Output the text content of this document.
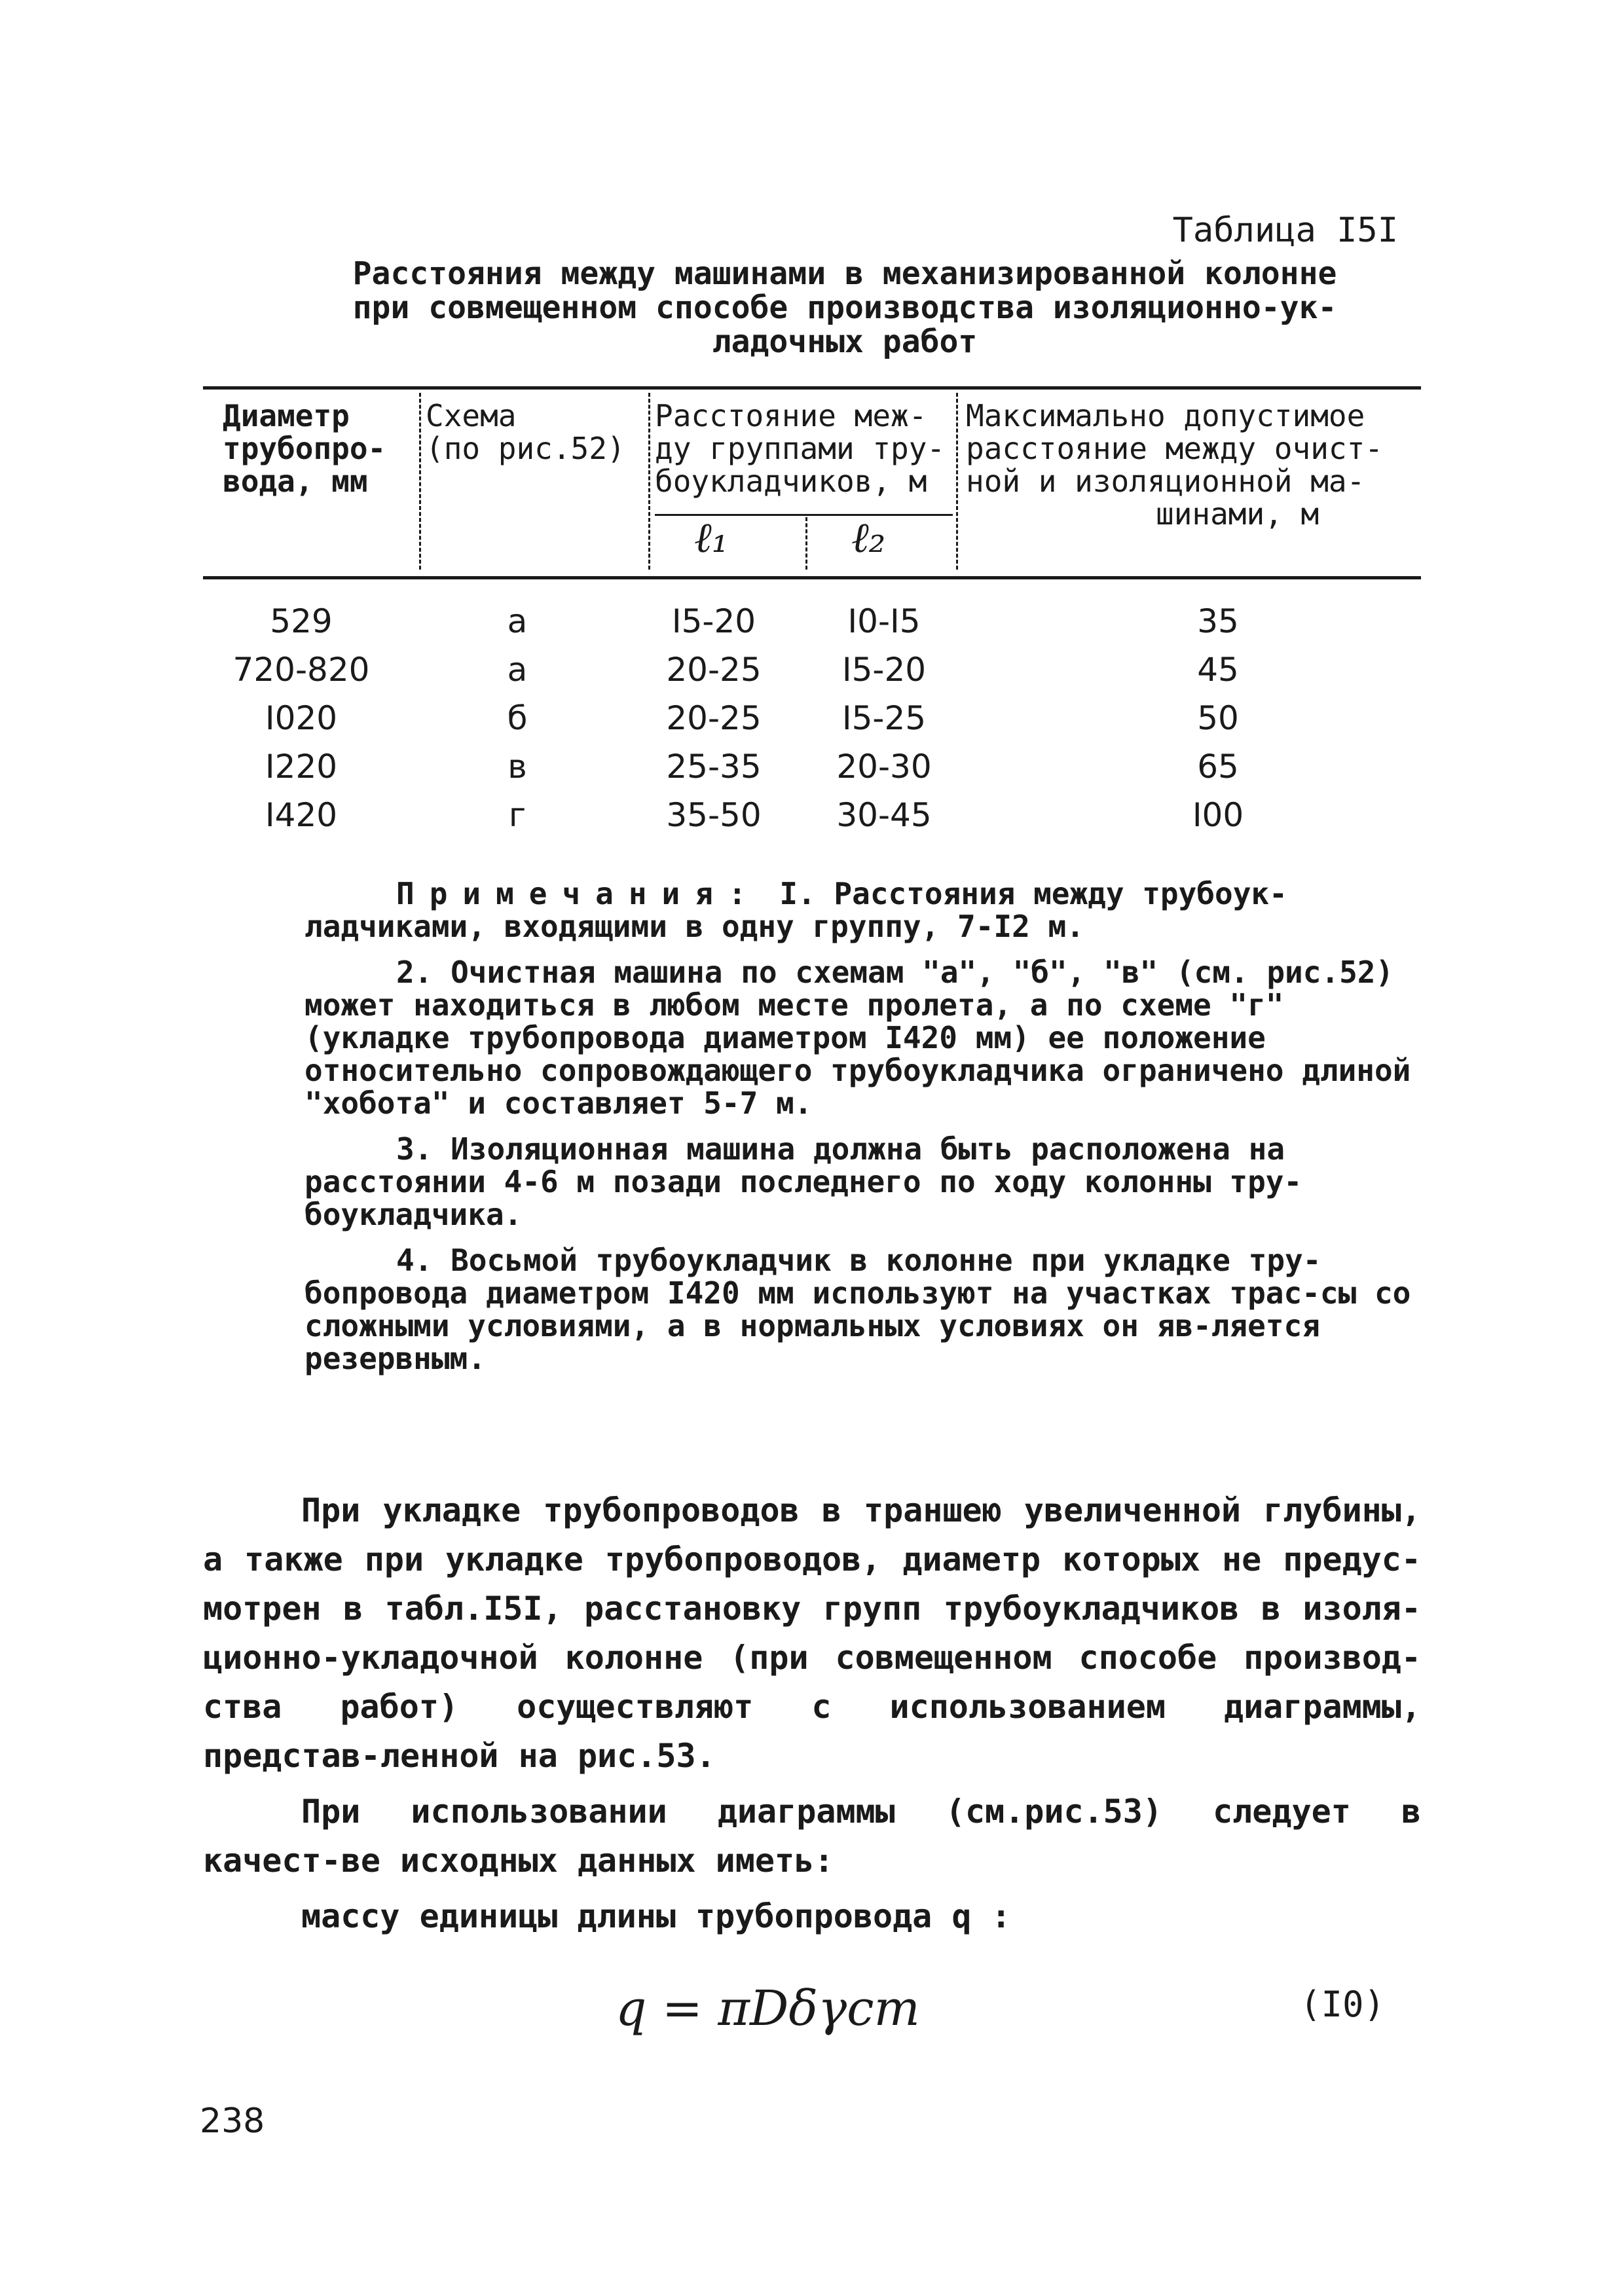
Таблица I5I
Расстояния между машинами в механизированной колонне
при совмещенном способе производства изоляционно-ук-
ладочных работ
Диаметр
трубопро-
вода, мм
Схема
(по рис.52)
Расстояние меж-
ду группами тру-
боукладчиков, м
ℓ₁	ℓ₂
Максимально допустимое
расстояние между очист-
ной и изоляционной ма-
шинами, м
529	а	I5-20	I0-I5	35
720-820	а	20-25	I5-20	45
I020	б	20-25	I5-25	50
I220	в	25-35	20-30	65
I420	г	35-50	30-45	I00

Примечания: I. Расстояния между трубоук-ладчиками, входящими в одну группу, 7-I2 м.

2. Очистная машина по схемам "а", "б", "в" (см. рис.52) может находиться в любом месте пролета, а по схеме "г" (укладке трубопровода диаметром I420 мм) ее положение относительно сопровождающего трубоукладчика ограничено длиной "хобота" и составляет 5-7 м.

3. Изоляционная машина должна быть расположена на расстоянии 4-6 м позади последнего по ходу колонны тру-боукладчика.

4. Восьмой трубоукладчик в колонне при укладке тру-бопровода диаметром I420 мм используют на участках трас-сы со сложными условиями, а в нормальных условиях он яв-ляется резервным.

При укладке трубопроводов в траншею увеличенной глубины, а также при укладке трубопроводов, диаметр которых не предус-мотрен в табл.I5I, расстановку групп трубоукладчиков в изоля-ционно-укладочной колонне (при совмещенном способе производ-ства работ) осуществляют с использованием диаграммы, представ-ленной на рис.53.

При использовании диаграммы (см.рис.53) следует в качест-ве исходных данных иметь:

массу единицы длины трубопровода q :

q = πDδγст	(I0)
238
